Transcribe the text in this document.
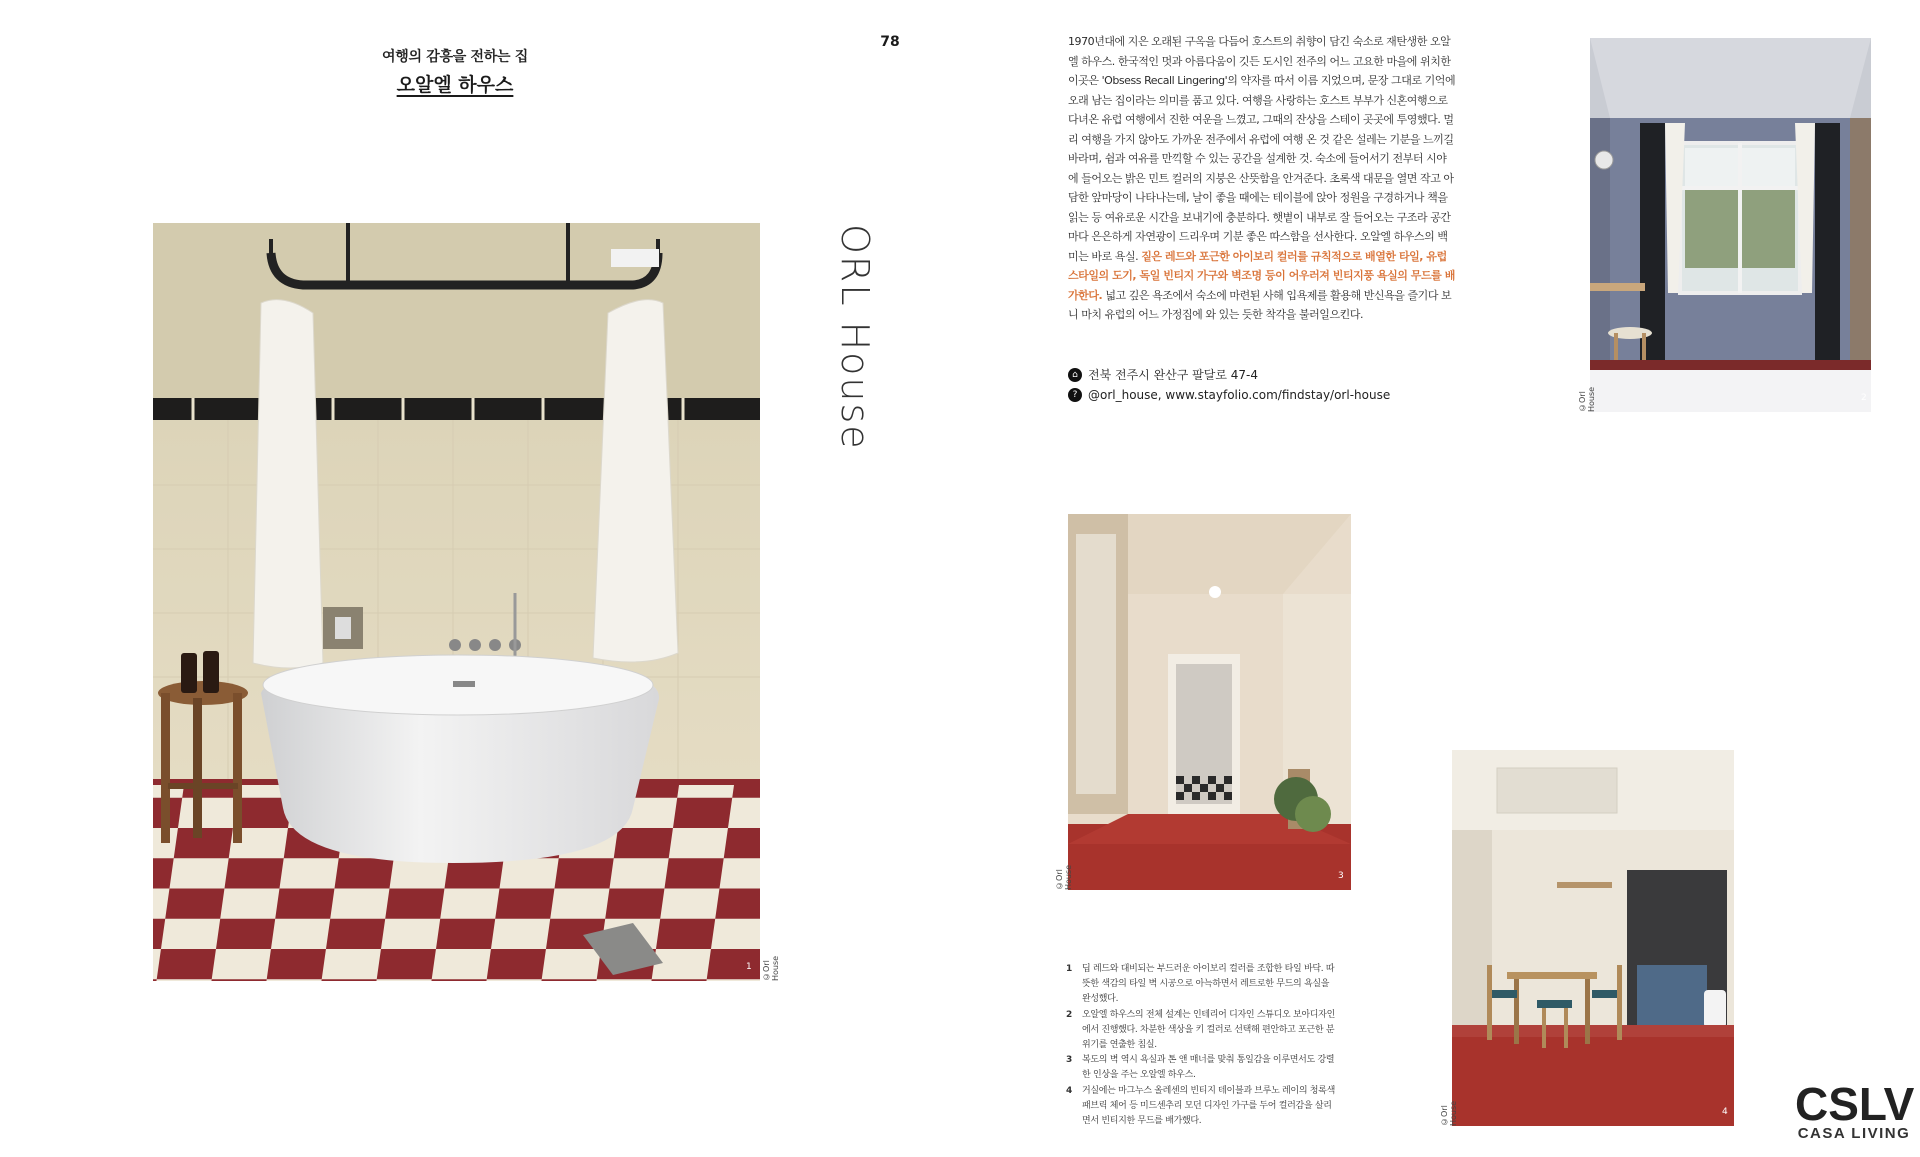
여행의 감흥을 전하는 집
오알엘 하우스
78
©Orl House
1
ORL House
1970년대에 지은 오래된 구옥을 다듬어 호스트의 취향이 담긴 숙소로 재탄생한 오알엘 하우스. 한국적인 멋과 아름다움이 깃든 도시인 전주의 어느 고요한 마을에 위치한 이곳은 'Obsess Recall Lingering'의 약자를 따서 이름 지었으며, 문장 그대로 기억에 오래 남는 집이라는 의미를 품고 있다. 여행을 사랑하는 호스트 부부가 신혼여행으로 다녀온 유럽 여행에서 진한 여운을 느꼈고, 그때의 잔상을 스테이 곳곳에 투영했다. 멀리 여행을 가지 않아도 가까운 전주에서 유럽에 여행 온 것 같은 설레는 기분을 느끼길 바라며, 쉼과 여유를 만끽할 수 있는 공간을 설계한 것. 숙소에 들어서기 전부터 시야에 들어오는 밝은 민트 컬러의 지붕은 산뜻함을 안겨준다. 초록색 대문을 열면 작고 아담한 앞마당이 나타나는데, 날이 좋을 때에는 테이블에 앉아 정원을 구경하거나 책을 읽는 등 여유로운 시간을 보내기에 충분하다. 햇볕이 내부로 잘 들어오는 구조라 공간마다 은은하게 자연광이 드리우며 기분 좋은 따스함을 선사한다. 오알엘 하우스의 백미는 바로 욕실. 짙은 레드와 포근한 아이보리 컬러를 규칙적으로 배열한 타일, 유럽 스타일의 도기, 독일 빈티지 가구와 벽조명 등이 어우러져 빈티지풍 욕실의 무드를 배가한다. 넓고 깊은 욕조에서 숙소에 마련된 사해 입욕제를 활용해 반신욕을 즐기다 보니 마치 유럽의 어느 가정집에 와 있는 듯한 착각을 불러일으킨다.
⌂ 전북 전주시 완산구 팔달로 47-4
? @orl_house, www.stayfolio.com/findstay/orl-house	©Orl House	2
©Orl House	3
©Orl House	4
1 딥 레드와 대비되는 부드러운 아이보리 컬러를 조합한 타일 바닥. 따뜻한 색감의 타일 벽 시공으로 아늑하면서 레트로한 무드의 욕실을 완성했다.
2 오알엘 하우스의 전체 설계는 인테리어 디자인 스튜디오 보아디자인에서 진행했다. 차분한 색상을 키 컬러로 선택해 편안하고 포근한 분위기를 연출한 침실.
3 복도의 벽 역시 욕실과 톤 앤 매너를 맞춰 통일감을 이루면서도 강렬한 인상을 주는 오알엘 하우스.
4 거실에는 마그누스 올레센의 빈티지 테이블과 브루노 레이의 청록색 패브릭 체어 등 미드센추리 모던 디자인 가구를 두어 컬러감을 살리면서 빈티지한 무드를 배가했다.	CSLV
CASA LIVING
